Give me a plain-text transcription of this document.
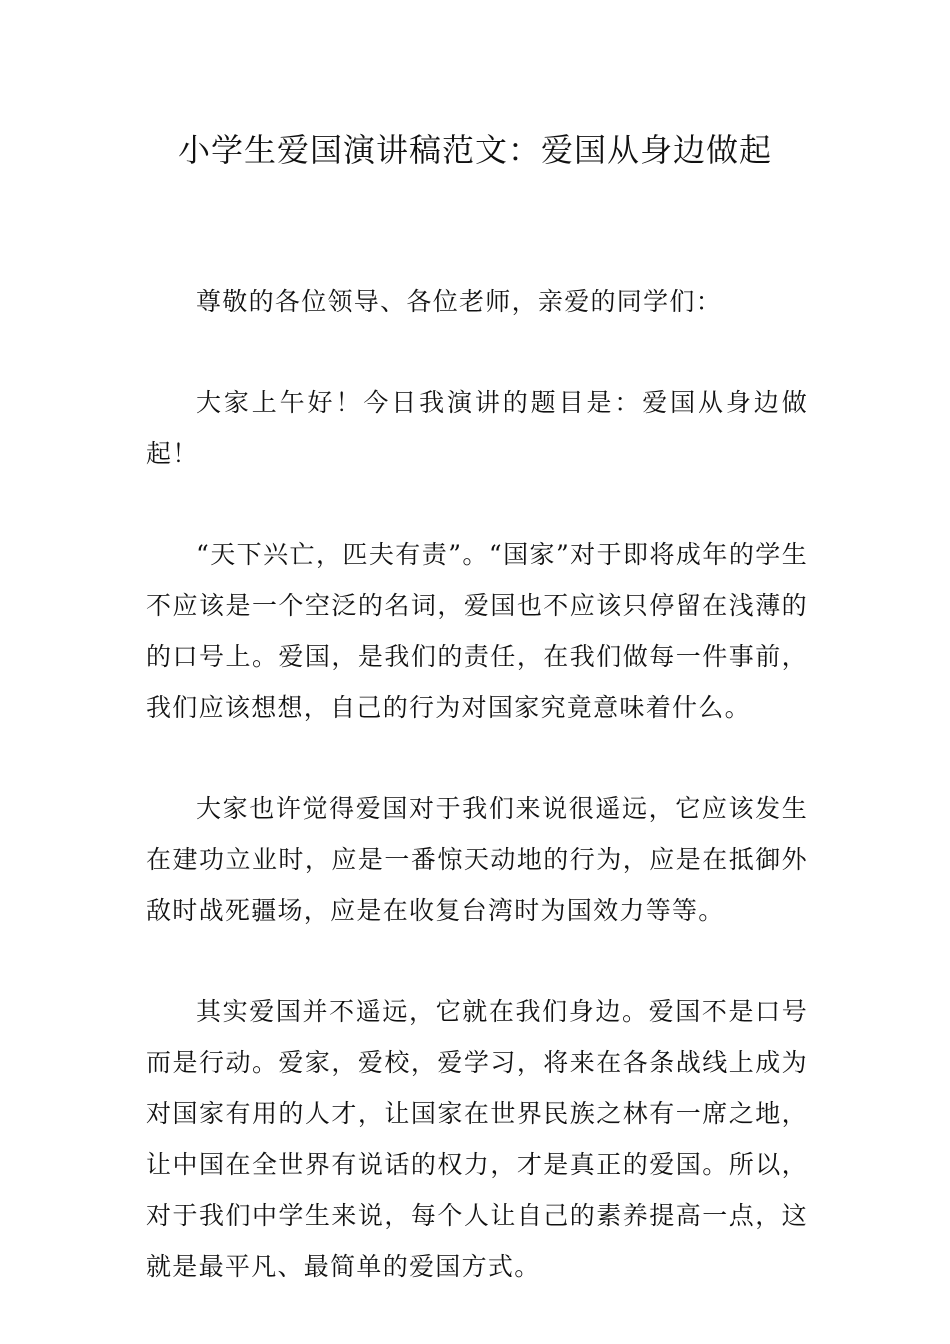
小学生爱国演讲稿范文：爱国从身边做起

尊敬的各位领导、各位老师，亲爱的同学们：

大家上午好！今日我演讲的题目是：爱国从身边做起！

“天下兴亡，匹夫有责”。“国家”对于即将成年的学生不应该是一个空泛的名词，爱国也不应该只停留在浅薄的的口号上。爱国，是我们的责任，在我们做每一件事前，我们应该想想，自己的行为对国家究竟意味着什么。

大家也许觉得爱国对于我们来说很遥远，它应该发生在建功立业时，应是一番惊天动地的行为，应是在抵御外敌时战死疆场，应是在收复台湾时为国效力等等。

其实爱国并不遥远，它就在我们身边。爱国不是口号而是行动。爱家，爱校，爱学习，将来在各条战线上成为对国家有用的人才，让国家在世界民族之林有一席之地，让中国在全世界有说话的权力，才是真正的爱国。所以，对于我们中学生来说，每个人让自己的素养提高一点，这就是最平凡、最简单的爱国方式。
